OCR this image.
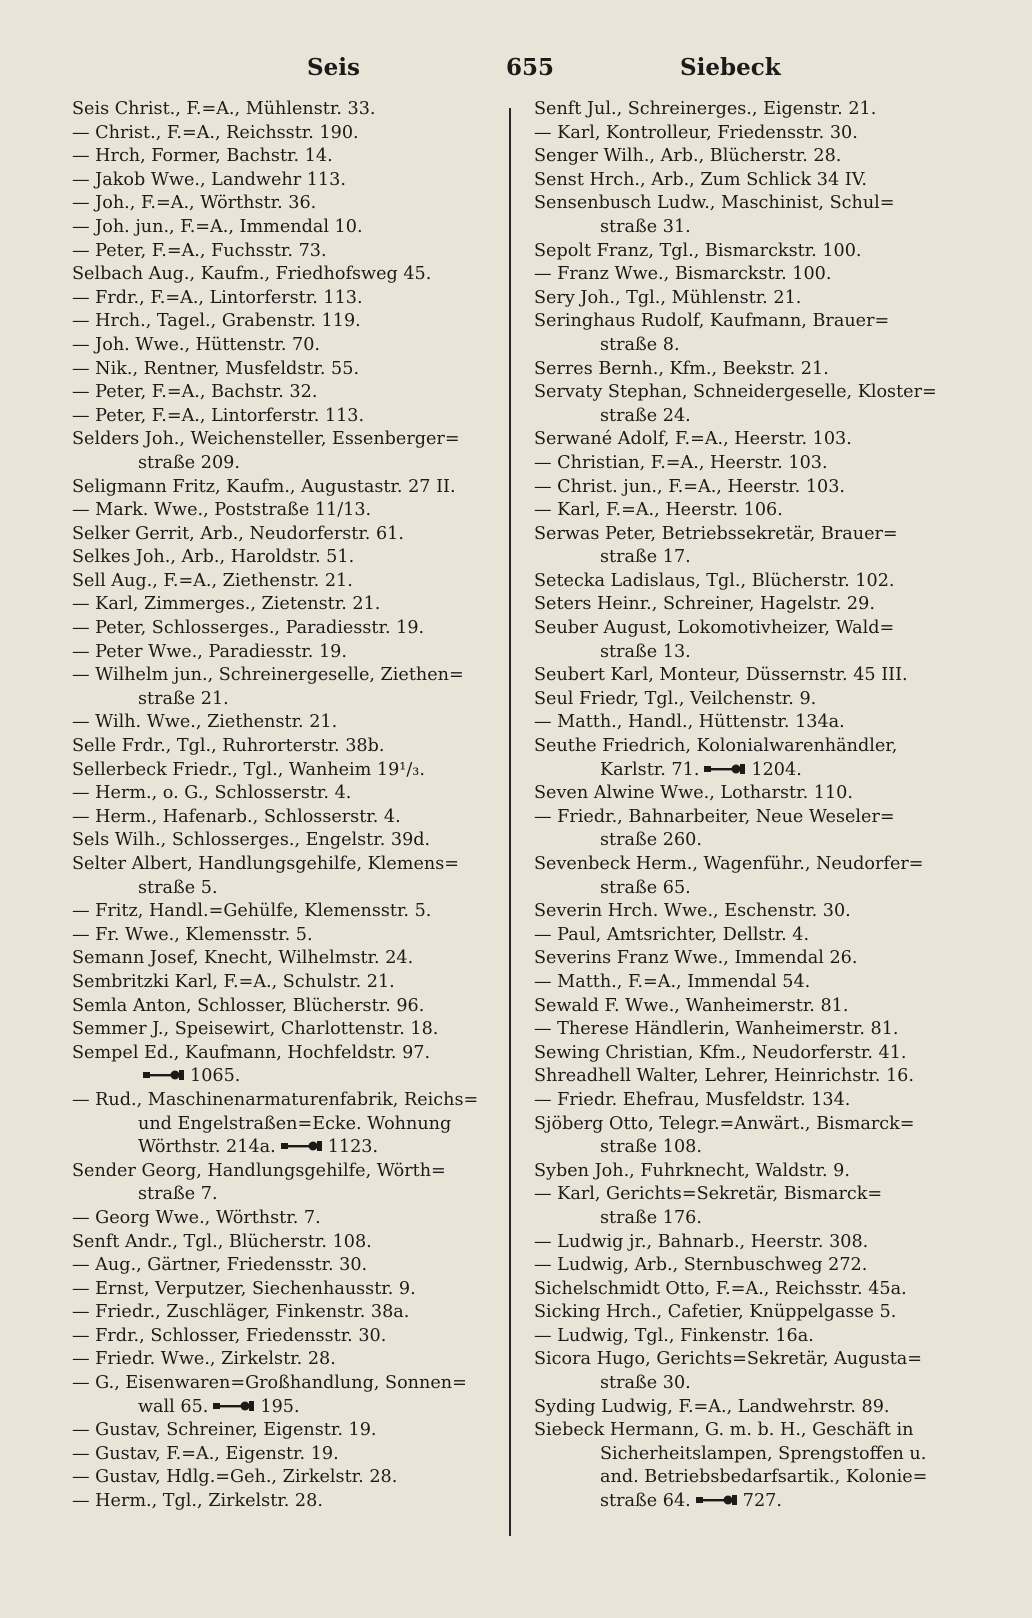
Seis	655	Siebeck
Seis Christ., F.=A., Mühlenstr. 33.
— Christ., F.=A., Reichsstr. 190.
— Hrch, Former, Bachstr. 14.
— Jakob Wwe., Landwehr 113.
— Joh., F.=A., Wörthstr. 36.
— Joh. jun., F.=A., Immendal 10.
— Peter, F.=A., Fuchsstr. 73.
Selbach Aug., Kaufm., Friedhofsweg 45.
— Frdr., F.=A., Lintorferstr. 113.
— Hrch., Tagel., Grabenstr. 119.
— Joh. Wwe., Hüttenstr. 70.
— Nik., Rentner, Musfeldstr. 55.
— Peter, F.=A., Bachstr. 32.
— Peter, F.=A., Lintorferstr. 113.
Selders Joh., Weichensteller, Essenberger=
straße 209.
Seligmann Fritz, Kaufm., Augustastr. 27 II.
— Mark. Wwe., Poststraße 11/13.
Selker Gerrit, Arb., Neudorferstr. 61.
Selkes Joh., Arb., Haroldstr. 51.
Sell Aug., F.=A., Ziethenstr. 21.
— Karl, Zimmerges., Zietenstr. 21.
— Peter, Schlosserges., Paradiesstr. 19.
— Peter Wwe., Paradiesstr. 19.
— Wilhelm jun., Schreinergeselle, Ziethen=
straße 21.
— Wilh. Wwe., Ziethenstr. 21.
Selle Frdr., Tgl., Ruhrorterstr. 38b.
Sellerbeck Friedr., Tgl., Wanheim 19¹/₃.
— Herm., o. G., Schlosserstr. 4.
— Herm., Hafenarb., Schlosserstr. 4.
Sels Wilh., Schlosserges., Engelstr. 39d.
Selter Albert, Handlungsgehilfe, Klemens=
straße 5.
— Fritz, Handl.=Gehülfe, Klemensstr. 5.
— Fr. Wwe., Klemensstr. 5.
Semann Josef, Knecht, Wilhelmstr. 24.
Sembritzki Karl, F.=A., Schulstr. 21.
Semla Anton, Schlosser, Blücherstr. 96.
Semmer J., Speisewirt, Charlottenstr. 18.
Sempel Ed., Kaufmann, Hochfeldstr. 97.
1065.
— Rud., Maschinenarmaturenfabrik, Reichs=
und Engelstraßen=Ecke. Wohnung
Wörthstr. 214a.	1123.
Sender Georg, Handlungsgehilfe, Wörth=
straße 7.
— Georg Wwe., Wörthstr. 7.
Senft Andr., Tgl., Blücherstr. 108.
— Aug., Gärtner, Friedensstr. 30.
— Ernst, Verputzer, Siechenhausstr. 9.
— Friedr., Zuschläger, Finkenstr. 38a.
— Frdr., Schlosser, Friedensstr. 30.
— Friedr. Wwe., Zirkelstr. 28.
— G., Eisenwaren=Großhandlung, Sonnen=
wall 65.	195.
— Gustav, Schreiner, Eigenstr. 19.
— Gustav, F.=A., Eigenstr. 19.
— Gustav, Hdlg.=Geh., Zirkelstr. 28.
— Herm., Tgl., Zirkelstr. 28.
Senft Jul., Schreinerges., Eigenstr. 21.
— Karl, Kontrolleur, Friedensstr. 30.
Senger Wilh., Arb., Blücherstr. 28.
Senst Hrch., Arb., Zum Schlick 34 IV.
Sensenbusch Ludw., Maschinist, Schul=
straße 31.
Sepolt Franz, Tgl., Bismarckstr. 100.
— Franz Wwe., Bismarckstr. 100.
Sery Joh., Tgl., Mühlenstr. 21.
Seringhaus Rudolf, Kaufmann, Brauer=
straße 8.
Serres Bernh., Kfm., Beekstr. 21.
Servaty Stephan, Schneidergeselle, Kloster=
straße 24.
Serwané Adolf, F.=A., Heerstr. 103.
— Christian, F.=A., Heerstr. 103.
— Christ. jun., F.=A., Heerstr. 103.
— Karl, F.=A., Heerstr. 106.
Serwas Peter, Betriebssekretär, Brauer=
straße 17.
Setecka Ladislaus, Tgl., Blücherstr. 102.
Seters Heinr., Schreiner, Hagelstr. 29.
Seuber August, Lokomotivheizer, Wald=
straße 13.
Seubert Karl, Monteur, Düssernstr. 45 III.
Seul Friedr, Tgl., Veilchenstr. 9.
— Matth., Handl., Hüttenstr. 134a.
Seuthe Friedrich, Kolonialwarenhändler,
Karlstr. 71.	1204.
Seven Alwine Wwe., Lotharstr. 110.
— Friedr., Bahnarbeiter, Neue Weseler=
straße 260.
Sevenbeck Herm., Wagenführ., Neudorfer=
straße 65.
Severin Hrch. Wwe., Eschenstr. 30.
— Paul, Amtsrichter, Dellstr. 4.
Severins Franz Wwe., Immendal 26.
— Matth., F.=A., Immendal 54.
Sewald F. Wwe., Wanheimerstr. 81.
— Therese Händlerin, Wanheimerstr. 81.
Sewing Christian, Kfm., Neudorferstr. 41.
Shreadhell Walter, Lehrer, Heinrichstr. 16.
— Friedr. Ehefrau, Musfeldstr. 134.
Sjöberg Otto, Telegr.=Anwärt., Bismarck=
straße 108.
Syben Joh., Fuhrknecht, Waldstr. 9.
— Karl, Gerichts=Sekretär, Bismarck=
straße 176.
— Ludwig jr., Bahnarb., Heerstr. 308.
— Ludwig, Arb., Sternbuschweg 272.
Sichelschmidt Otto, F.=A., Reichsstr. 45a.
Sicking Hrch., Cafetier, Knüppelgasse 5.
— Ludwig, Tgl., Finkenstr. 16a.
Sicora Hugo, Gerichts=Sekretär, Augusta=
straße 30.
Syding Ludwig, F.=A., Landwehrstr. 89.
Siebeck Hermann, G. m. b. H., Geschäft in
Sicherheitslampen, Sprengstoffen u.
and. Betriebsbedarfsartik., Kolonie=
straße 64.	727.
